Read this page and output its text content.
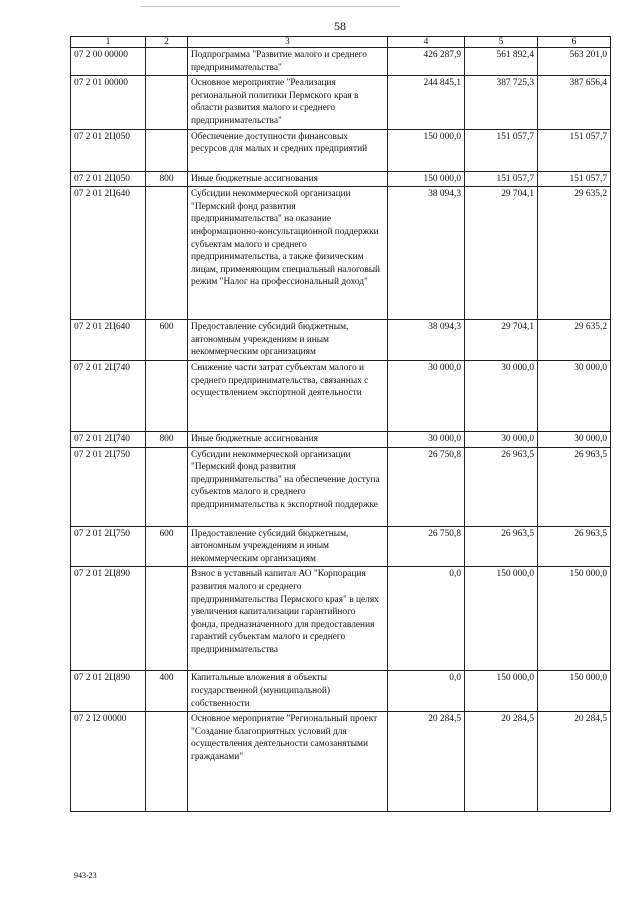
58
1	2	3	4	5	6
07 2 00 00000		Подпрограмма "Развитие малого и среднего предпринимательства"	426 287,9	561 892,4	563 201,0
07 2 01 00000		Основное мероприятие "Реализация региональной политики Пермского края в области развития малого и среднего предпринимательства"	244 845,1	387 725,3	387 656,4
07 2 01 2Ц050		Обеспечение доступности финансовых ресурсов для малых и средних предприятий	150 000,0	151 057,7	151 057,7
07 2 01 2Ц050	800	Иные бюджетные ассигнования	150 000,0	151 057,7	151 057,7
07 2 01 2Ц640		Субсидии некоммерческой организации "Пермский фонд развития предпринимательства" на оказание информационно-консультационной поддержки субъектам малого и среднего предпринимательства, а также физическим лицам, применяющим специальный налоговый режим "Налог на профессиональный доход"	38 094,3	29 704,1	29 635,2
07 2 01 2Ц640	600	Предоставление субсидий бюджетным, автономным учреждениям и иным некоммерческим организациям	38 094,3	29 704,1	29 635,2
07 2 01 2Ц740		Снижение части затрат субъектам малого и среднего предпринимательства, связанных с осуществлением экспортной деятельности	30 000,0	30 000,0	30 000,0
07 2 01 2Ц740	800	Иные бюджетные ассигнования	30 000,0	30 000,0	30 000,0
07 2 01 2Ц750		Субсидии некоммерческой организации "Пермский фонд развития предпринимательства" на обеспечение доступа субъектов малого и среднего предпринимательства к экспортной поддержке	26 750,8	26 963,5	26 963,5
07 2 01 2Ц750	600	Предоставление субсидий бюджетным, автономным учреждениям и иным некоммерческим организациям	26 750,8	26 963,5	26 963,5
07 2 01 2Ц890		Взнос в уставный капитал АО "Корпорация развития малого и среднего предпринимательства Пермского края" в целях увеличения капитализации гарантийного фонда, предназначенного для предоставления гарантий субъектам малого и среднего предпринимательства	0,0	150 000,0	150 000,0
07 2 01 2Ц890	400	Капитальные вложения в объекты государственной (муниципальной) собственности	0,0	150 000,0	150 000,0
07 2 I2 00000		Основное мероприятие "Региональный проект "Создание благоприятных условий для осуществления деятельности самозанятыми гражданами"	20 284,5	20 284,5	20 284,5
943-23
